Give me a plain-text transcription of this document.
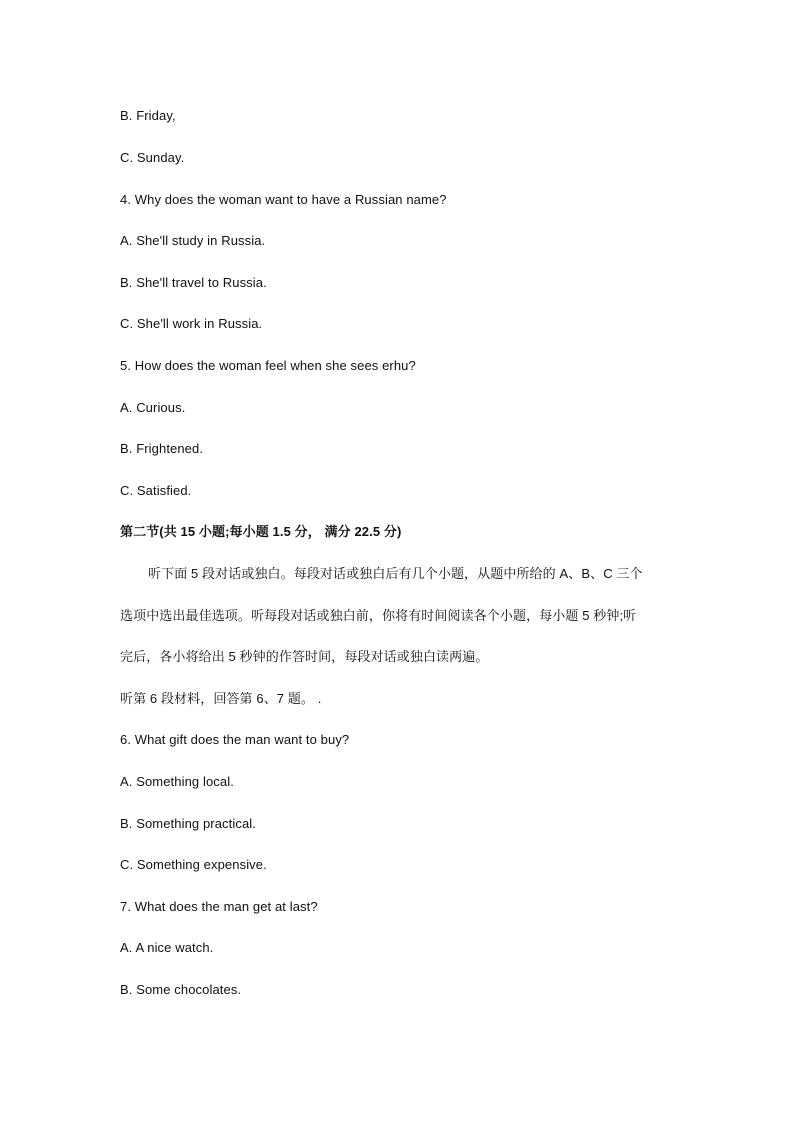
B. Friday,
C. Sunday.
4. Why does the woman want to have a Russian name?
A. She'll study in Russia.
B. She'll travel to Russia.
C. She'll work in Russia.
5. How does the woman feel when she sees erhu?
A. Curious.
B. Frightened.
C. Satisfied.
第二节(共 15 小题;每小题 1.5 分， 满分 22.5 分)
听下面 5 段对话或独白。每段对话或独白后有几个小题，从题中所给的 A、B、C 三个
选项中选出最佳选项。听每段对话或独白前，你将有时间阅读各个小题，每小题 5 秒钟;听
完后，各小将给出 5 秒钟的作答时间，每段对话或独白读两遍。
听第 6 段材料，回答第 6、7 题。 .
6. What gift does the man want to buy?
A. Something local.
B. Something practical.
C. Something expensive.
7. What does the man get at last?
A. A nice watch.
B. Some chocolates.
